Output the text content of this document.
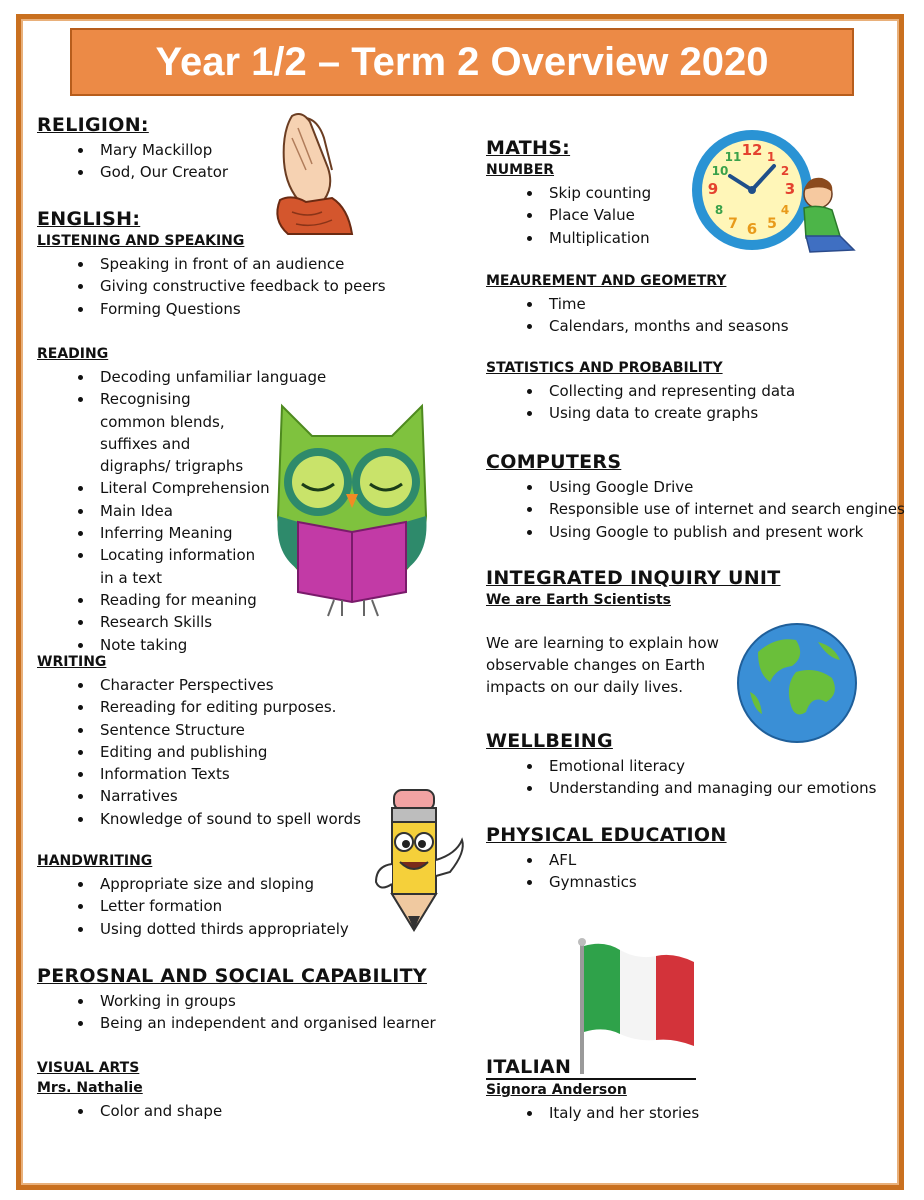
Year 1/2 – Term 2 Overview 2020

RELIGION:

• Mary Mackillop
• God, Our Creator

ENGLISH:

LISTENING AND SPEAKING

• Speaking in front of an audience
• Giving constructive feedback to peers
• Forming Questions

READING

• Decoding unfamiliar language
• Recognising common blends, suffixes and digraphs/ trigraphs
• Literal Comprehension
• Main Idea
• Inferring Meaning
• Locating information in a text
• Reading for meaning
• Research Skills
• Note taking

WRITING

• Character Perspectives
• Rereading for editing purposes.
• Sentence Structure
• Editing and publishing
• Information Texts
• Narratives
• Knowledge of sound to spell words

HANDWRITING

• Appropriate size and sloping
• Letter formation
• Using dotted thirds appropriately

PEROSNAL AND SOCIAL CAPABILITY

• Working in groups
• Being an independent and organised learner

VISUAL ARTS

Mrs. Nathalie

• Color and shape

MATHS:

NUMBER

• Skip counting
• Place Value
• Multiplication

MEAUREMENT AND GEOMETRY

• Time
• Calendars, months and seasons

STATISTICS AND PROBABILITY

• Collecting and representing data
• Using data to create graphs

COMPUTERS

• Using Google Drive
• Responsible use of internet and search engines
• Using Google to publish and present work

INTEGRATED INQUIRY UNIT

We are Earth Scientists

We are learning to explain how

observable changes on Earth

impacts on our daily lives.

WELLBEING

• Emotional literacy
• Understanding and managing our emotions

PHYSICAL EDUCATION

• AFL
• Gymnastics

ITALIAN

Signora Anderson

• Italy and her stories
12 1
2
3
4
5
6
7
8
9
10
11
